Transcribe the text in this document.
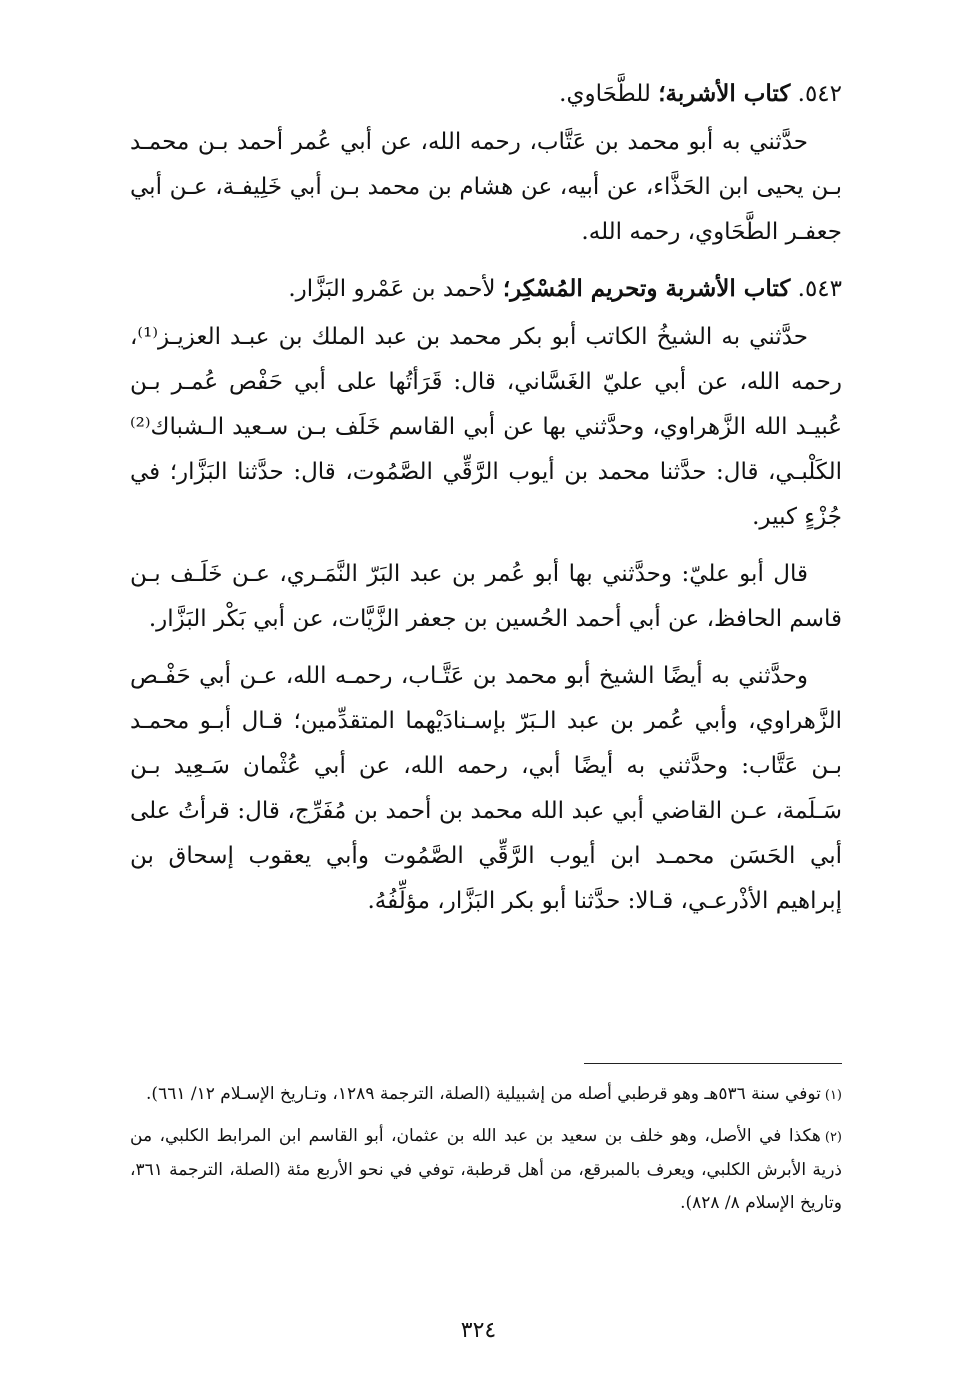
٥٤٢. كتاب الأشربة؛ للطَّحَاوي.

حدَّثني به أبو محمد بن عَتَّاب، رحمه الله، عن أبي عُمر أحمد بـن محمـد بـن يحيى ابن الحَذَّاء، عن أبيه، عن هشام بن محمد بـن أبي خَلِيفـة، عـن أبي جعفـر الطَّحَاوي، رحمه الله.

٥٤٣. كتاب الأشربة وتحريم المُسْكِر؛ لأحمد بن عَمْرو البَزَّار.

حدَّثني به الشيخُ الكاتب أبو بكر محمد بن عبد الملك بن عبـد العزيـز⁽¹⁾، رحمه الله، عن أبي عليّ الغَسَّاني، قال: قَرَأتُها على أبي حَفْص عُمـر بـن عُبيـد الله الزَّهراوي، وحدَّثني بها عن أبي القاسم خَلَف بـن سـعيد الـشباك⁽²⁾ الكَلْبـي، قال: حدَّثنا محمد بن أيوب الرَّقِّي الصَّمُوت، قال: حدَّثنا البَزَّار؛ في جُزْءٍ كبير.

قال أبو عليّ: وحدَّثني بها أبو عُمر بن عبد البَرّ النَّمَـري، عـن خَلَـف بـن قاسم الحافظ، عن أبي أحمد الحُسين بن جعفر الزَّيَّات، عن أبي بَكْر البَزَّار.

وحدَّثني به أيضًا الشيخ أبو محمد بن عَتَّـاب، رحمـه الله، عـن أبي حَفْـص الزَّهراوي، وأبي عُمر بن عبد الـبَرّ بإسـنادَيْهما المتقدِّمين؛ قـال أبـو محمـد بـن عَتَّاب: وحدَّثني به أيضًا أبي، رحمه الله، عن أبي عُثْمان سَـعِيد بـن سَـلَمة، عـن القاضي أبي عبد الله محمد بن أحمد بن مُفَرِّج، قال: قرأتُ على أبي الحَسَن محمـد ابن أيوب الرَّقِّي الصَّمُوت وأبي يعقوب إسحاق بن إبراهيم الأذْرعـي، قـالا: حدَّثنا أبو بكر البَزَّار، مؤلِّفُهُ.

(١)توفي سنة ٥٣٦هـ وهو قرطبي أصله من إشبيلية (الصلة، الترجمة ١٢٨٩، وتـاريخ الإسـلام ١٢/ ٦٦١).

(٢)هكذا في الأصل، وهو خلف بن سعيد بن عبد الله بن عثمان، أبو القاسم ابن المرابط الكلبي، من ذرية الأبرش الكلبي، ويعرف بالمبرقع، من أهل قرطبة، توفي في نحو الأربع مئة (الصلة، الترجمة ٣٦١، وتاريخ الإسلام ٨/ ٨٢٨).

٣٢٤
